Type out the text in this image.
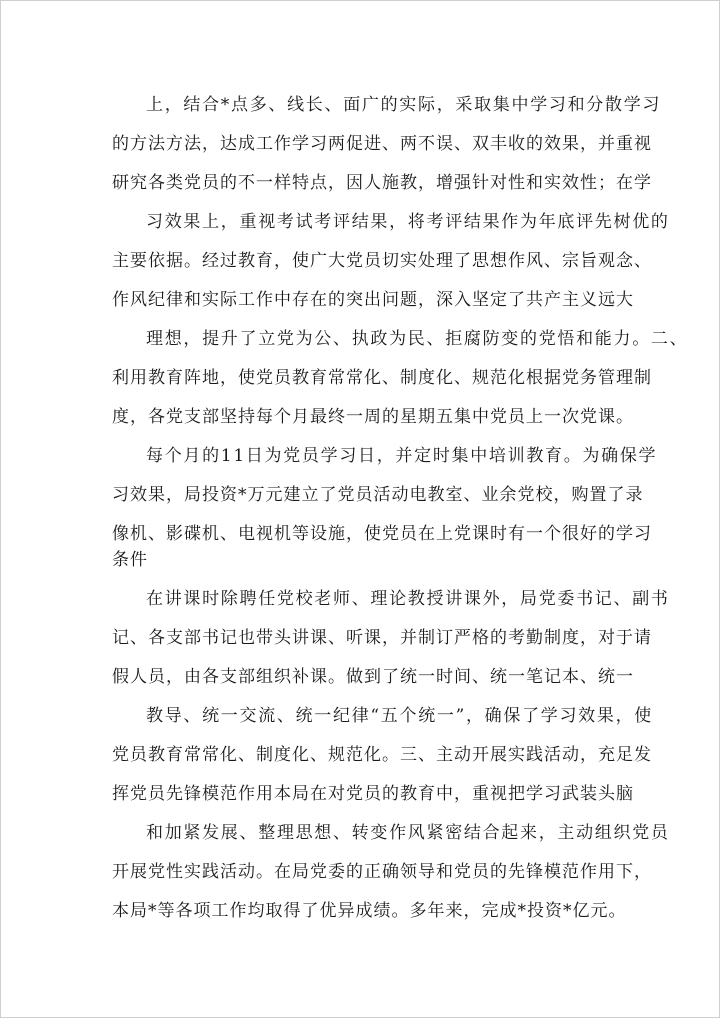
上，结合*点多、线长、面广的实际，采取集中学习和分散学习
的方法方法，达成工作学习两促进、两不误、双丰收的效果，并重视
研究各类党员的不一样特点，因人施教，增强针对性和实效性；在学
习效果上，重视考试考评结果，将考评结果作为年底评先树优的
主要依据。经过教育，使广大党员切实处理了思想作风、宗旨观念、
作风纪律和实际工作中存在的突出问题，深入坚定了共产主义远大
理想，提升了立党为公、执政为民、拒腐防变的党悟和能力。二、
利用教育阵地，使党员教育常常化、制度化、规范化根据党务管理制
度，各党支部坚持每个月最终一周的星期五集中党员上一次党课。
每个月的11日为党员学习日，并定时集中培训教育。为确保学
习效果，局投资*万元建立了党员活动电教室、业余党校，购置了录
像机、影碟机、电视机等设施，使党员在上党课时有一个很好的学习
条件
在讲课时除聘任党校老师、理论教授讲课外，局党委书记、副书
记、各支部书记也带头讲课、听课，并制订严格的考勤制度，对于请
假人员，由各支部组织补课。做到了统一时间、统一笔记本、统一
教导、统一交流、统一纪律“五个统一”，确保了学习效果，使
党员教育常常化、制度化、规范化。三、主动开展实践活动，充足发
挥党员先锋模范作用本局在对党员的教育中，重视把学习武装头脑
和加紧发展、整理思想、转变作风紧密结合起来，主动组织党员
开展党性实践活动。在局党委的正确领导和党员的先锋模范作用下，
本局*等各项工作均取得了优异成绩。多年来，完成*投资*亿元。
